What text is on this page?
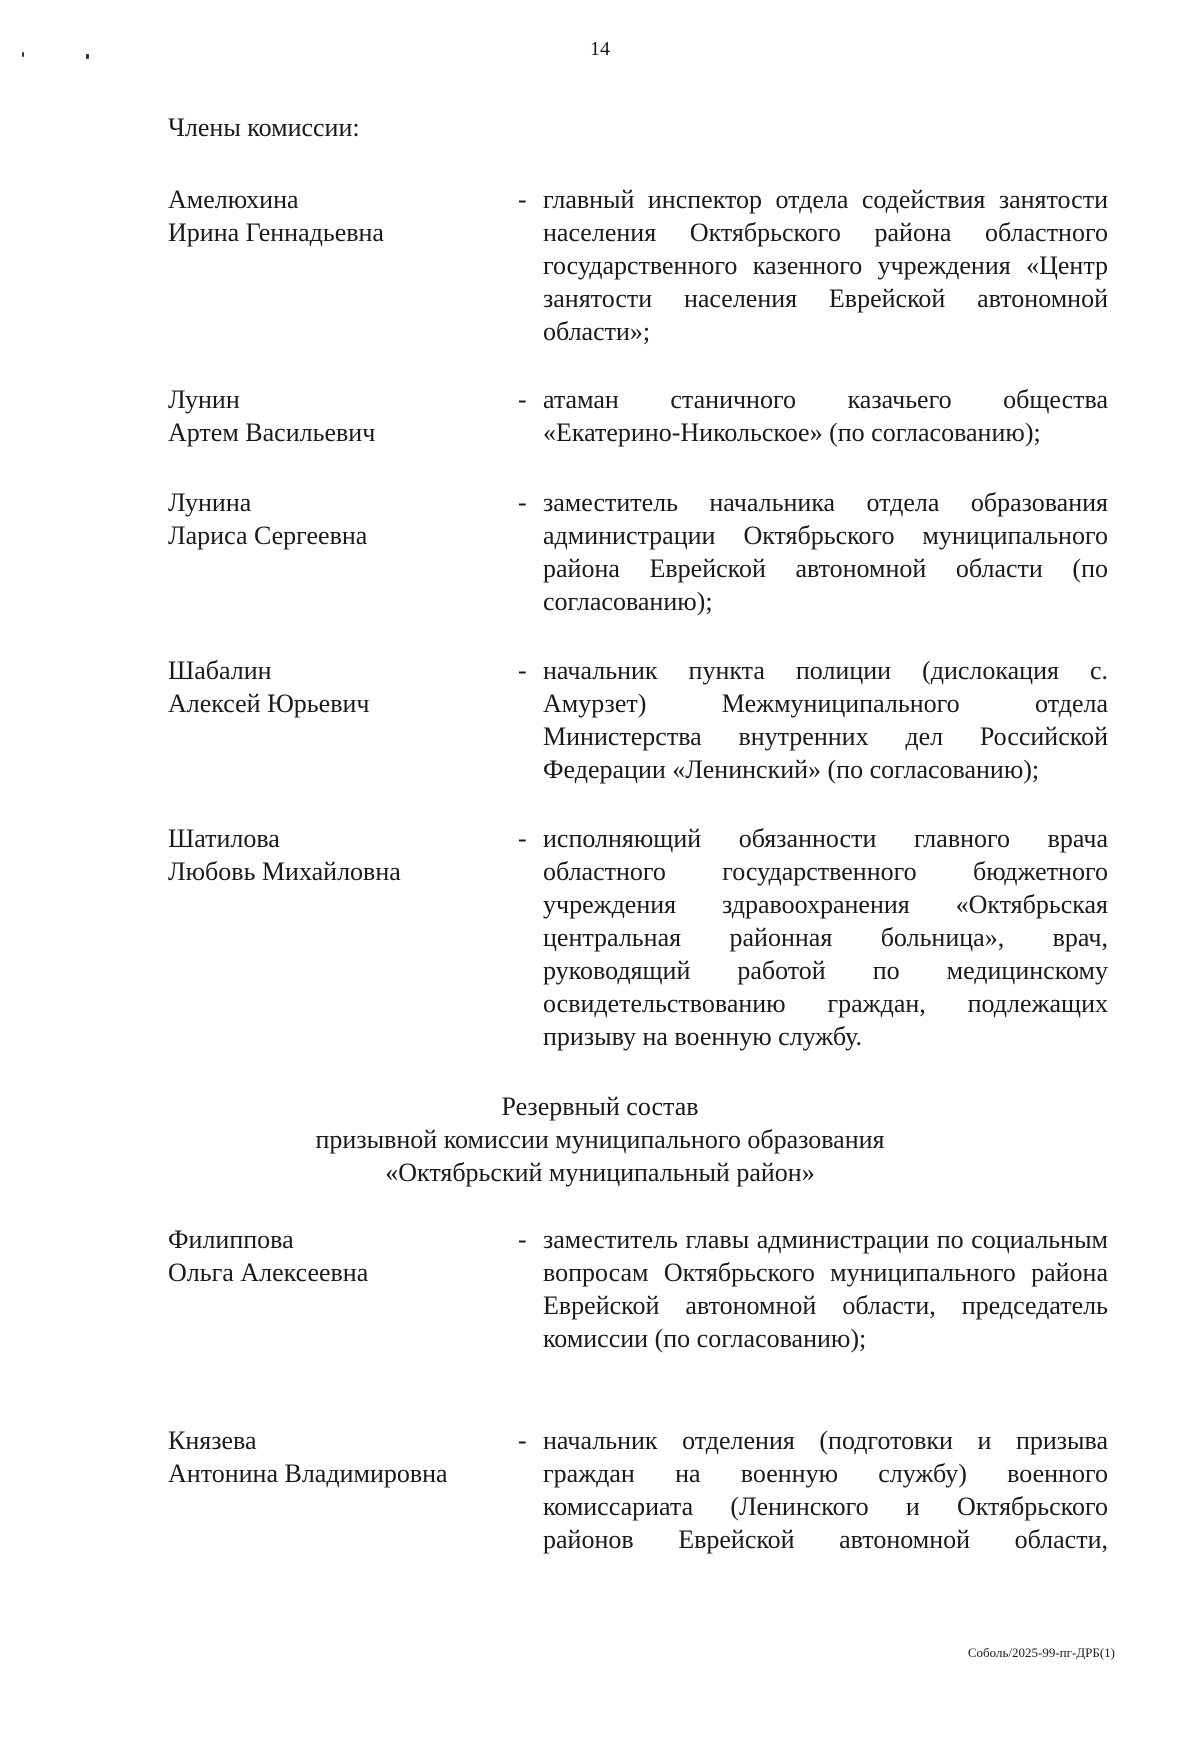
14
Члены комиссии:
Амелюхина
Ирина Геннадьевна
- главный инспектор отдела содействия занятости населения Октябрьского района областного государственного казенного учреждения «Центр занятости населения Еврейской автономной области»;
Лунин
Артем Васильевич
- атаман станичного казачьего общества «Екатерино-Никольское» (по согласованию);
Лунина
Лариса Сергеевна
- заместитель начальника отдела образования администрации Октябрьского муниципального района Еврейской автономной области (по согласованию);
Шабалин
Алексей Юрьевич
- начальник пункта полиции (дислокация с. Амурзет) Межмуниципального отдела Министерства внутренних дел Российской Федерации «Ленинский» (по согласованию);
Шатилова
Любовь Михайловна
- исполняющий обязанности главного врача областного государственного бюджетного учреждения здравоохранения «Октябрьская центральная районная больница», врач, руководящий работой по медицинскому освидетельствованию граждан, подлежащих призыву на военную службу.
Резервный состав
призывной комиссии муниципального образования
«Октябрьский муниципальный район»
Филиппова
Ольга Алексеевна
- заместитель главы администрации по социальным вопросам Октябрьского муниципального района Еврейской автономной области, председатель комиссии (по согласованию);
Князева
Антонина Владимировна
- начальник отделения (подготовки и призыва граждан на военную службу) военного комиссариата (Ленинского и Октябрьского районов Еврейской автономной области,
Соболь/2025-99-пг-ДРБ(1)
